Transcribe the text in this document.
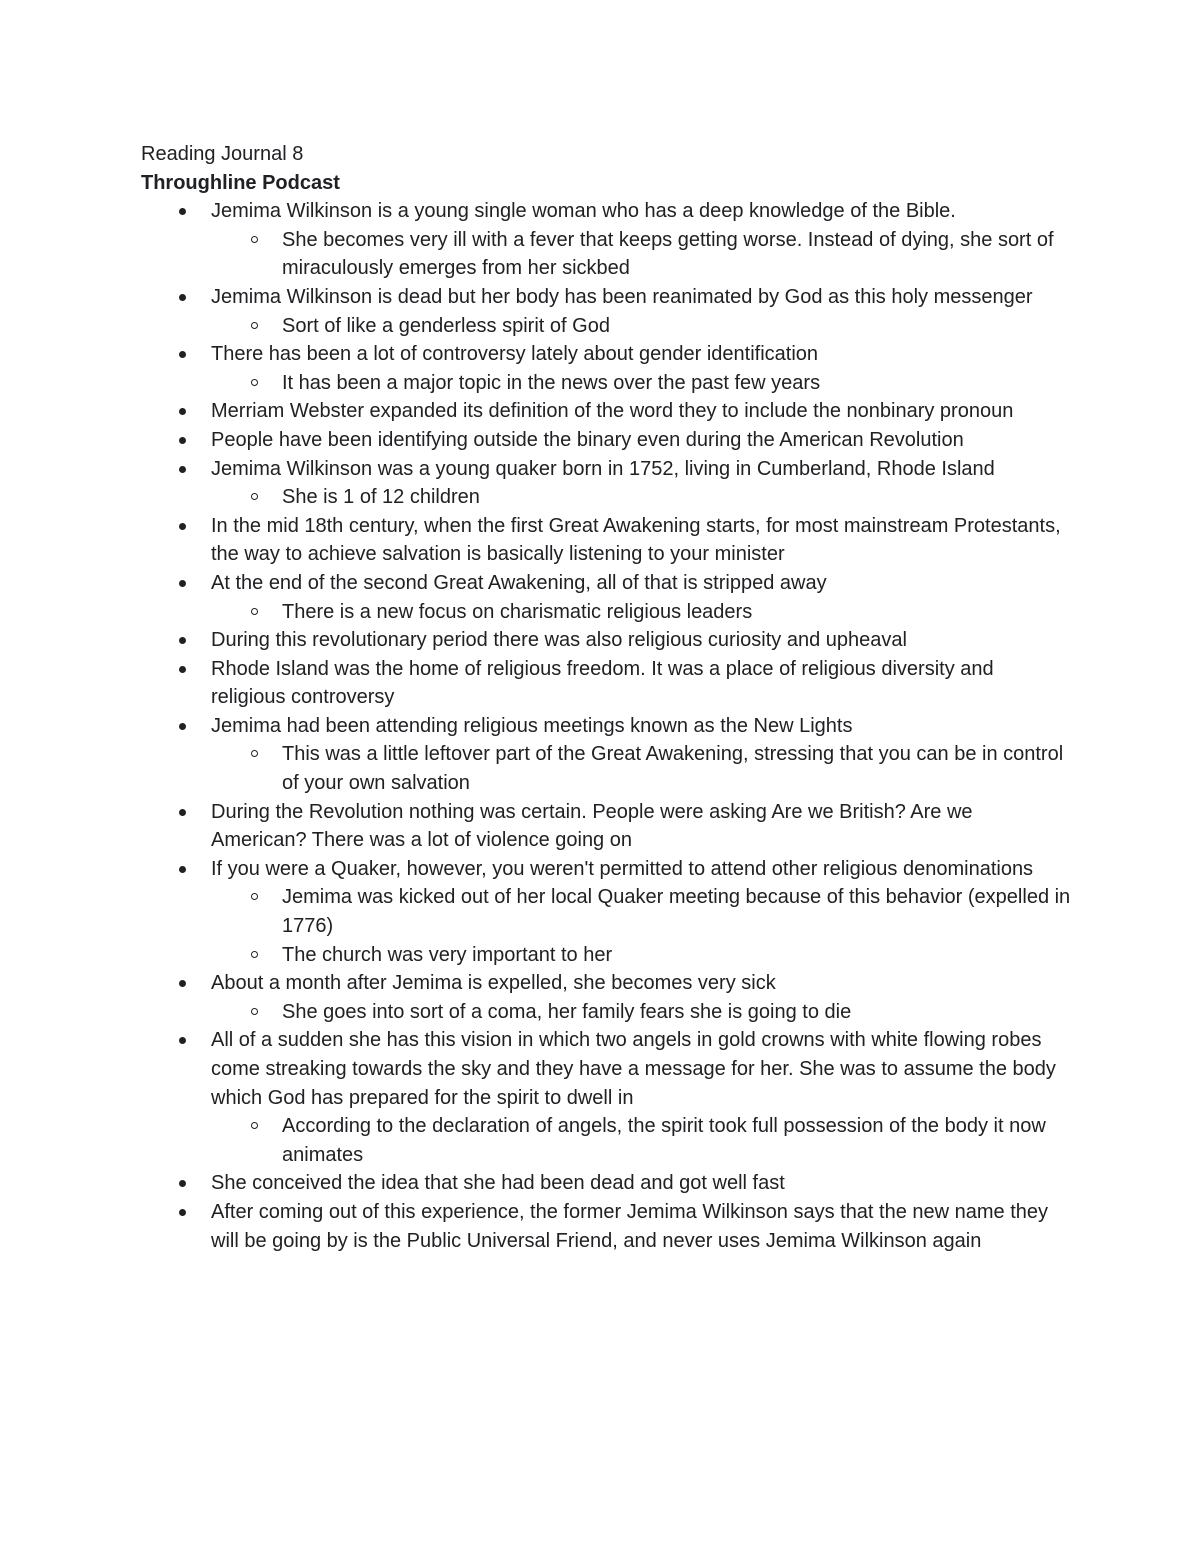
Reading Journal 8
Throughline Podcast
Jemima Wilkinson is a young single woman who has a deep knowledge of the Bible.
She becomes very ill with a fever that keeps getting worse. Instead of dying, she sort of miraculously emerges from her sickbed
Jemima Wilkinson is dead but her body has been reanimated by God as this holy messenger
Sort of like a genderless spirit of God
There has been a lot of controversy lately about gender identification
It has been a major topic in the news over the past few years
Merriam Webster expanded its definition of the word they to include the nonbinary pronoun
People have been identifying outside the binary even during the American Revolution
Jemima Wilkinson was a young quaker born in 1752, living in Cumberland, Rhode Island
She is 1 of 12 children
In the mid 18th century, when the first Great Awakening starts, for most mainstream Protestants, the way to achieve salvation is basically listening to your minister
At the end of the second Great Awakening, all of that is stripped away
There is a new focus on charismatic religious leaders
During this revolutionary period there was also religious curiosity and upheaval
Rhode Island was the home of religious freedom. It was a place of religious diversity and religious controversy
Jemima had been attending religious meetings known as the New Lights
This was a little leftover part of the Great Awakening, stressing that you can be in control of your own salvation
During the Revolution nothing was certain. People were asking Are we British? Are we American? There was a lot of violence going on
If you were a Quaker, however, you weren't permitted to attend other religious denominations
Jemima was kicked out of her local Quaker meeting because of this behavior (expelled in 1776)
The church was very important to her
About a month after Jemima is expelled, she becomes very sick
She goes into sort of a coma, her family fears she is going to die
All of a sudden she has this vision in which two angels in gold crowns with white flowing robes come streaking towards the sky and they have a message for her. She was to assume the body which God has prepared for the spirit to dwell in
According to the declaration of angels, the spirit took full possession of the body it now animates
She conceived the idea that she had been dead and got well fast
After coming out of this experience, the former Jemima Wilkinson says that the new name they will be going by is the Public Universal Friend, and never uses Jemima Wilkinson again
